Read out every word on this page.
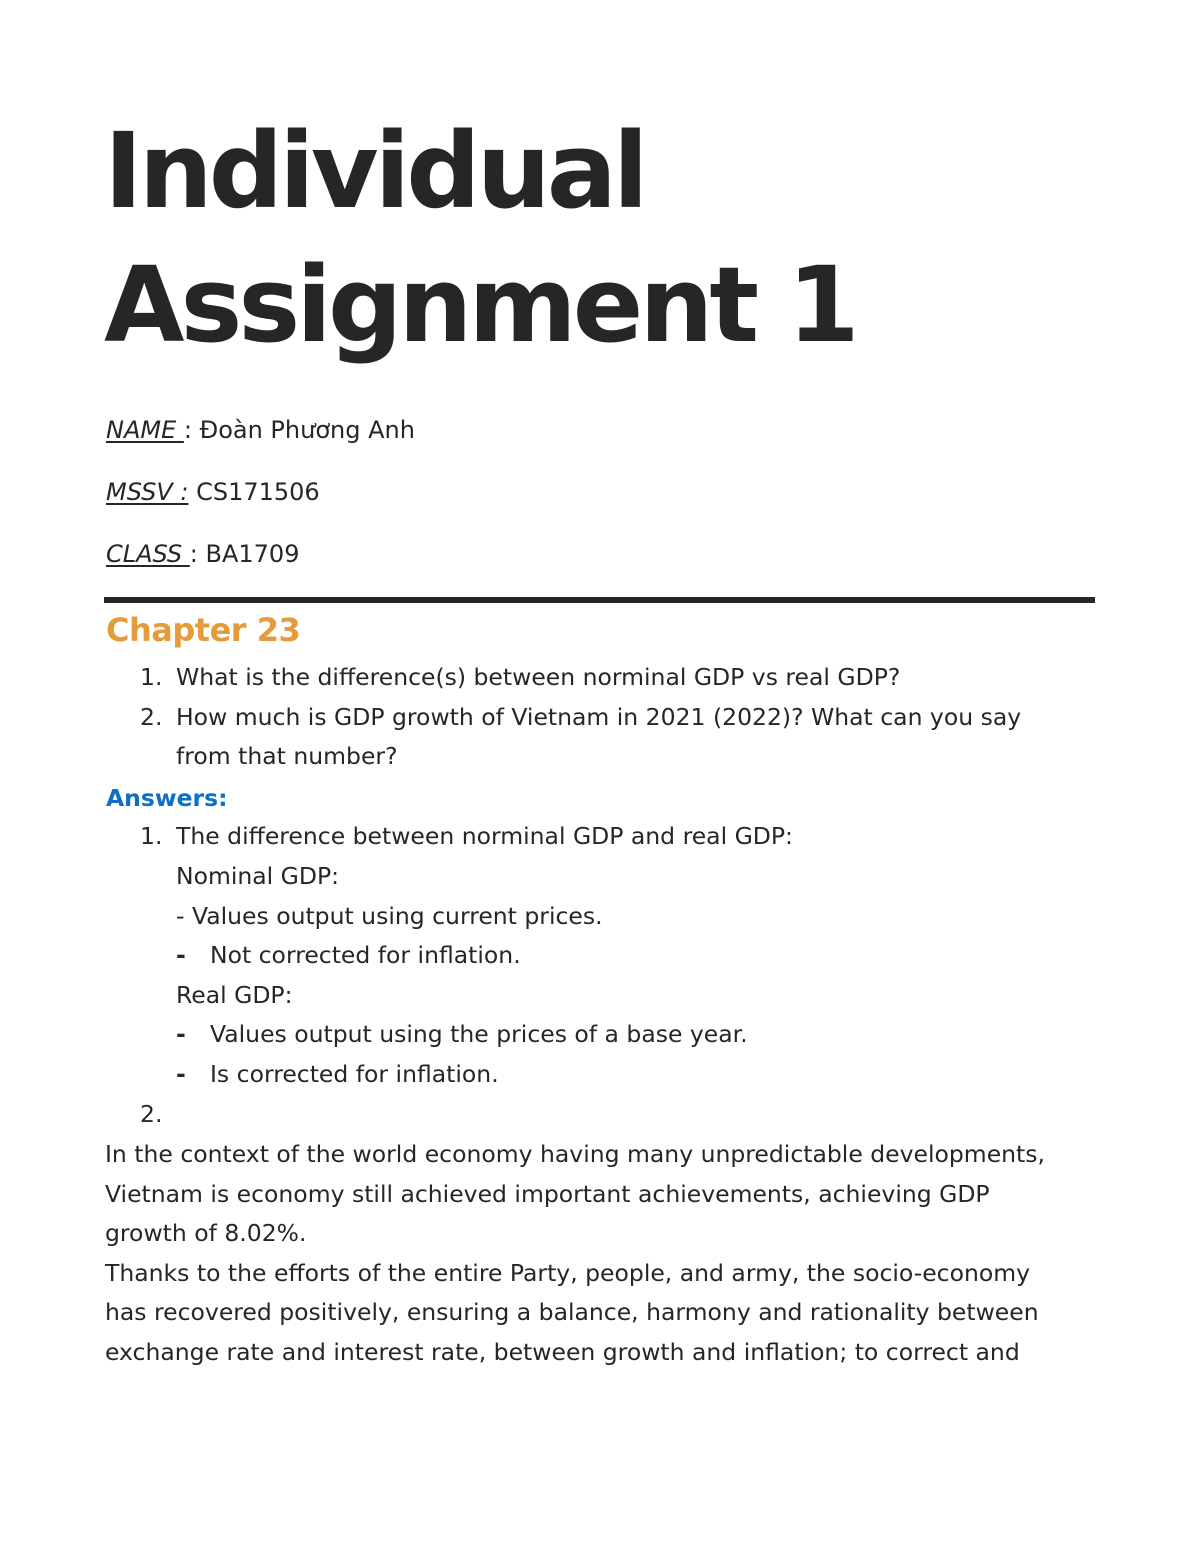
Individual
Assignment 1
NAME : Đoàn Phương Anh
MSSV : CS171506
CLASS : BA1709
Chapter 23
1. What is the difference(s) between norminal GDP vs real GDP?
2. How much is GDP growth of Vietnam in 2021 (2022)? What can you say
from that number?
Answers:
1. The difference between norminal GDP and real GDP:
Nominal GDP:
- Values output using current prices.
- Not corrected for inflation.
Real GDP:
- Values output using the prices of a base year.
- Is corrected for inflation.
2.
In the context of the world economy having many unpredictable developments,
Vietnam is economy still achieved important achievements, achieving GDP
growth of 8.02%.
Thanks to the efforts of the entire Party, people, and army, the socio-economy
has recovered positively, ensuring a balance, harmony and rationality between
exchange rate and interest rate, between growth and inflation; to correct and
